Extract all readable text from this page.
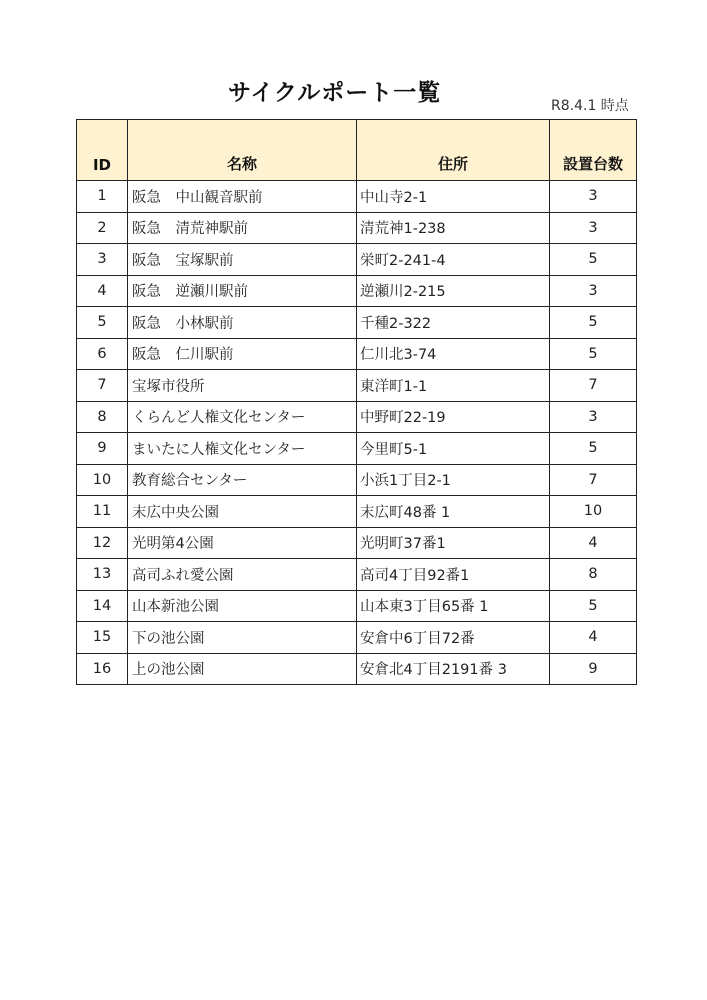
サイクルポート一覧	R8.4.1 時点
ID	名称	住所	設置台数
1	阪急　中山観音駅前	中山寺2-1	3
2	阪急　清荒神駅前	清荒神1-238	3
3	阪急　宝塚駅前	栄町2-241-4	5
4	阪急　逆瀬川駅前	逆瀬川2-215	3
5	阪急　小林駅前	千種2-322	5
6	阪急　仁川駅前	仁川北3-74	5
7	宝塚市役所	東洋町1-1	7
8	くらんど人権文化センター	中野町22-19	3
9	まいたに人権文化センター	今里町5-1	5
10	教育総合センター	小浜1丁目2-1	7
11	末広中央公園	末広町48番 1	10
12	光明第4公園	光明町37番1	4
13	高司ふれ愛公園	高司4丁目92番1	8
14	山本新池公園	山本東3丁目65番 1	5
15	下の池公園	安倉中6丁目72番	4
16	上の池公園	安倉北4丁目2191番 3	9
